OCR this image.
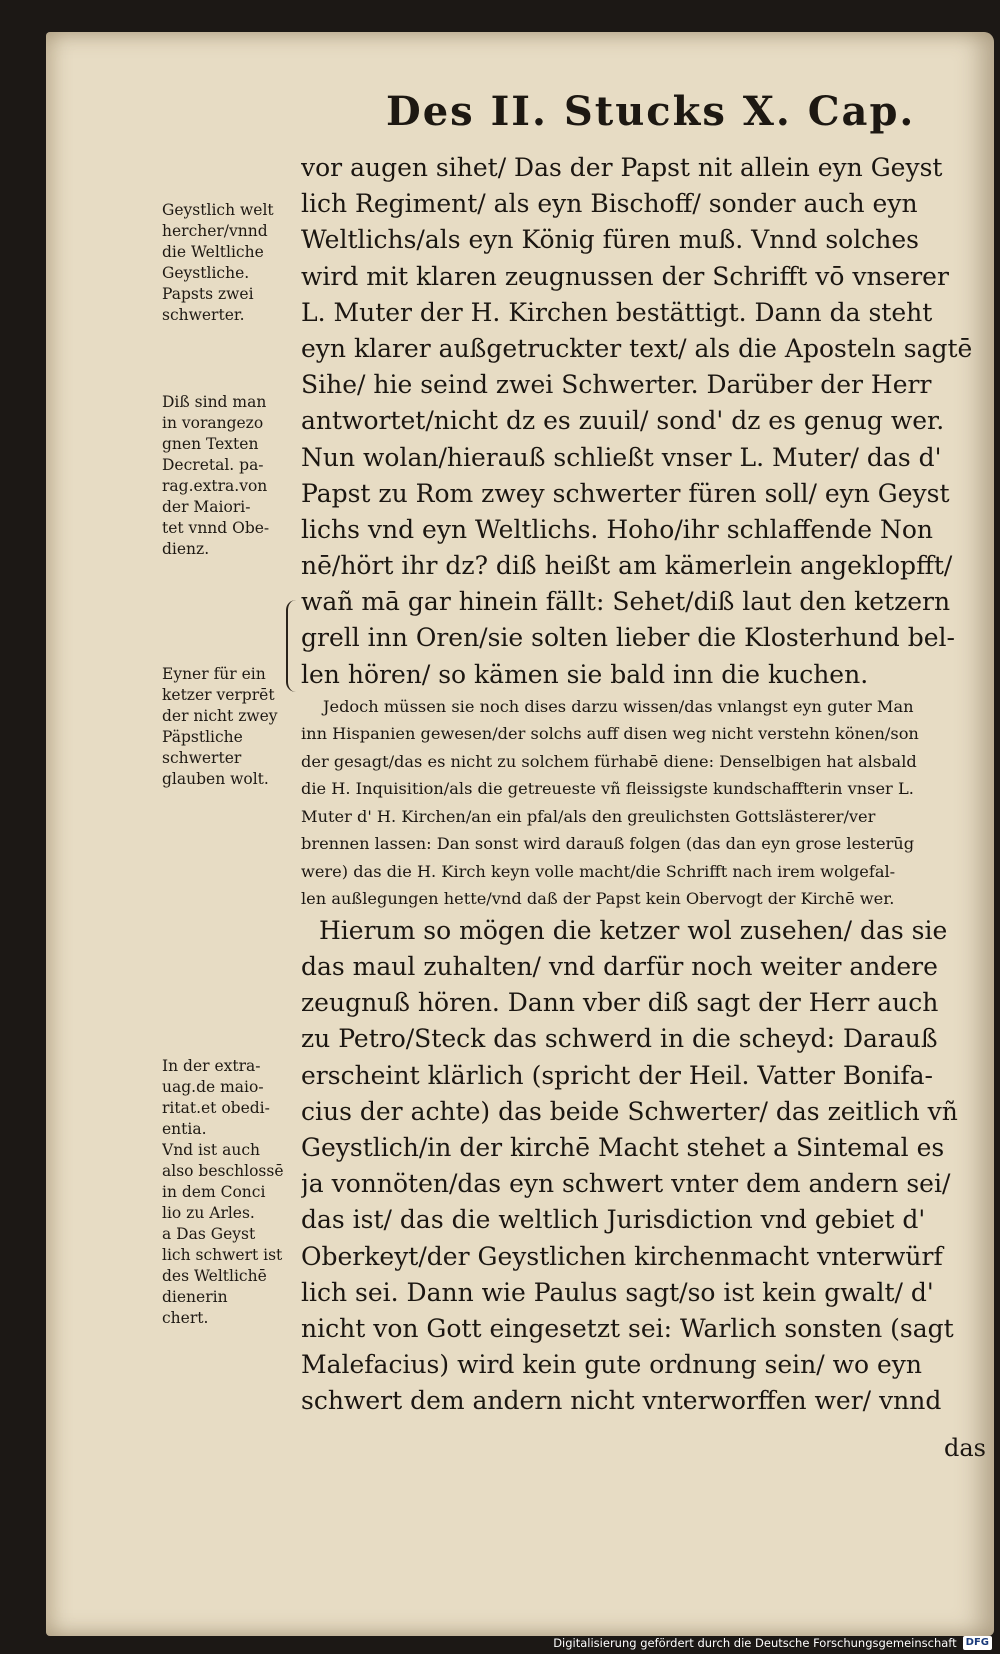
Des II. Stucks X. Cap.
vor augen sihet/ Das der Papst nit allein eyn Geyst
lich Regiment/ als eyn Bischoff/ sonder auch eyn
Weltlichs/als eyn König füren muß. Vnnd solches
wird mit klaren zeugnussen der Schrifft vō vnserer
L. Muter der H. Kirchen bestättigt. Dann da steht
eyn klarer außgetruckter text/ als die Aposteln sagtē
Sihe/ hie seind zwei Schwerter. Darüber der Herr
antwortet/nicht dz es zuuil/ sond' dz es genug wer.
Nun wolan/hierauß schließt vnser L. Muter/ das d'
Papst zu Rom zwey schwerter füren soll/ eyn Geyst
lichs vnd eyn Weltlichs. Hoho/ihr schlaffende Non
nē/hört ihr dz? diß heißt am kämerlein angeklopfft/
wañ mā gar hinein fällt: Sehet/diß laut den ketzern
grell inn Oren/sie solten lieber die Klosterhund bel-
len hören/ so kämen sie bald inn die kuchen.
Jedoch müssen sie noch dises darzu wissen/das vnlangst eyn guter Man
inn Hispanien gewesen/der solchs auff disen weg nicht verstehn könen/son
der gesagt/das es nicht zu solchem fürhabē diene: Denselbigen hat alsbald
die H. Inquisition/als die getreueste vñ fleissigste kundschaffterin vnser L.
Muter d' H. Kirchen/an ein pfal/als den greulichsten Gottslästerer/ver
brennen lassen: Dan sonst wird darauß folgen (das dan eyn grose lesterūg
were) das die H. Kirch keyn volle macht/die Schrifft nach irem wolgefal-
len außlegungen hette/vnd daß der Papst kein Obervogt der Kirchē wer.
Hierum so mögen die ketzer wol zusehen/ das sie
das maul zuhalten/ vnd darfür noch weiter andere
zeugnuß hören. Dann vber diß sagt der Herr auch
zu Petro/Steck das schwerd in die scheyd: Darauß
erscheint klärlich (spricht der Heil. Vatter Bonifa-
cius der achte) das beide Schwerter/ das zeitlich vñ
Geystlich/in der kirchē Macht stehet a Sintemal es
ja vonnöten/das eyn schwert vnter dem andern sei/
das ist/ das die weltlich Jurisdiction vnd gebiet d'
Oberkeyt/der Geystlichen kirchenmacht vnterwürf
lich sei. Dann wie Paulus sagt/so ist kein gwalt/ d'
nicht von Gott eingesetzt sei: Warlich sonsten (sagt
Malefacius) wird kein gute ordnung sein/ wo eyn
schwert dem andern nicht vnterworffen wer/ vnnd
das
Geystlich welt
hercher/vnnd
die Weltliche
Geystliche.
Papsts zwei
schwerter.
Diß sind man
in vorangezo
gnen Texten
Decretal. pa-
rag.extra.von
der Maiori-
tet vnnd Obe-
dienz.
Eyner für ein
ketzer verprēt
der nicht zwey
Päpstliche
schwerter
glauben wolt.
In der extra-
uag.de maio-
ritat.et obedi-
entia.
Vnd ist auch
also beschlossē
in dem Conci
lio zu Arles.
a Das Geyst
lich schwert ist
des Weltlichē
dienerin
chert.
Digitalisierung gefördert durch die Deutsche Forschungsgemeinschaft DFG
